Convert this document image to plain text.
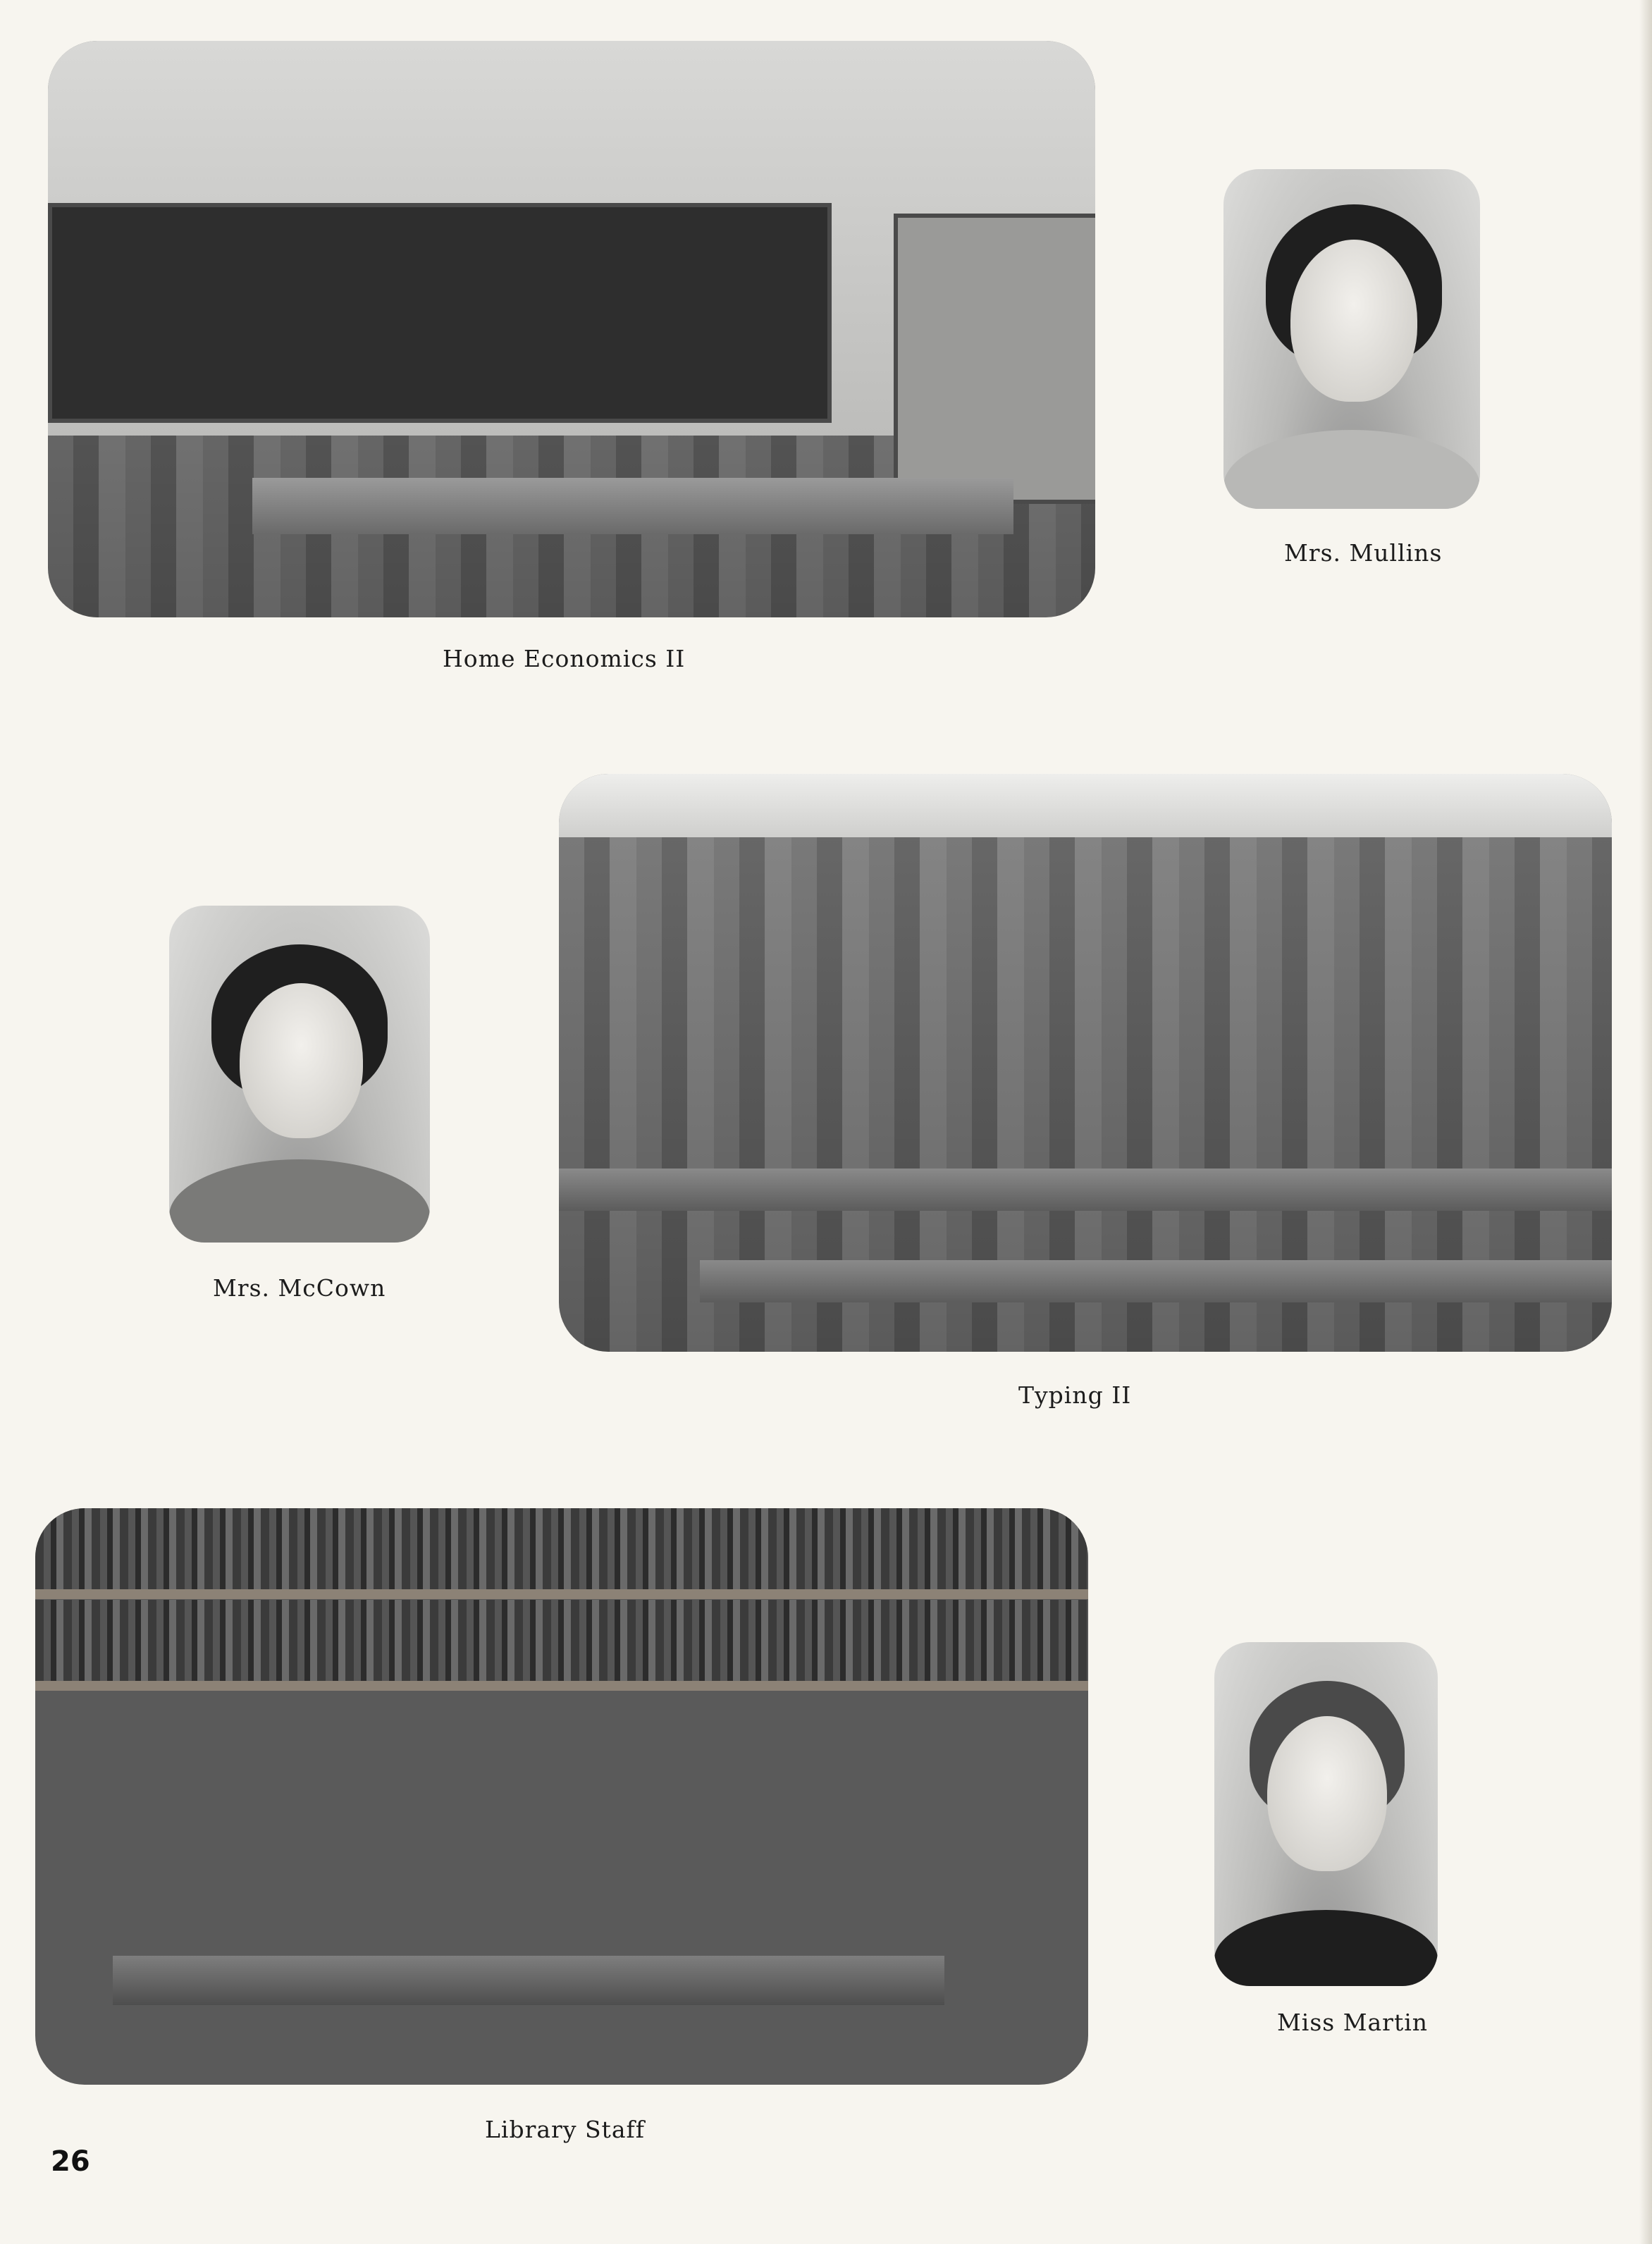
Home Economics II
Mrs. Mullins
Mrs. McCown
Typing II
Library Staff
Miss Martin
26
